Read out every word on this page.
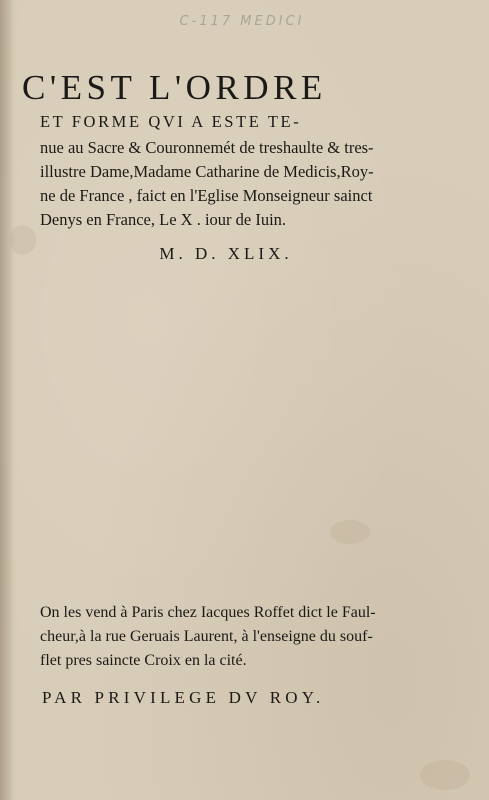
C-117 MEDICI
C'EST L'ORDRE
ET FORME QVI A ESTE TE-
nue au Sacre & Couronnemét de treshaulte & tres-
illustre Dame,Madame Catharine de Medicis,Roy-
ne de France , faict en l'Eglise Monseigneur sainct
Denys en France, Le X . iour de Iuin.
M. D. XLIX.
On les vend à Paris chez Iacques Roffet dict le Faul-
cheur,à la rue Geruais Laurent, à l'enseigne du souf-
flet pres saincte Croix en la cité.
PAR PRIVILEGE DV ROY.
